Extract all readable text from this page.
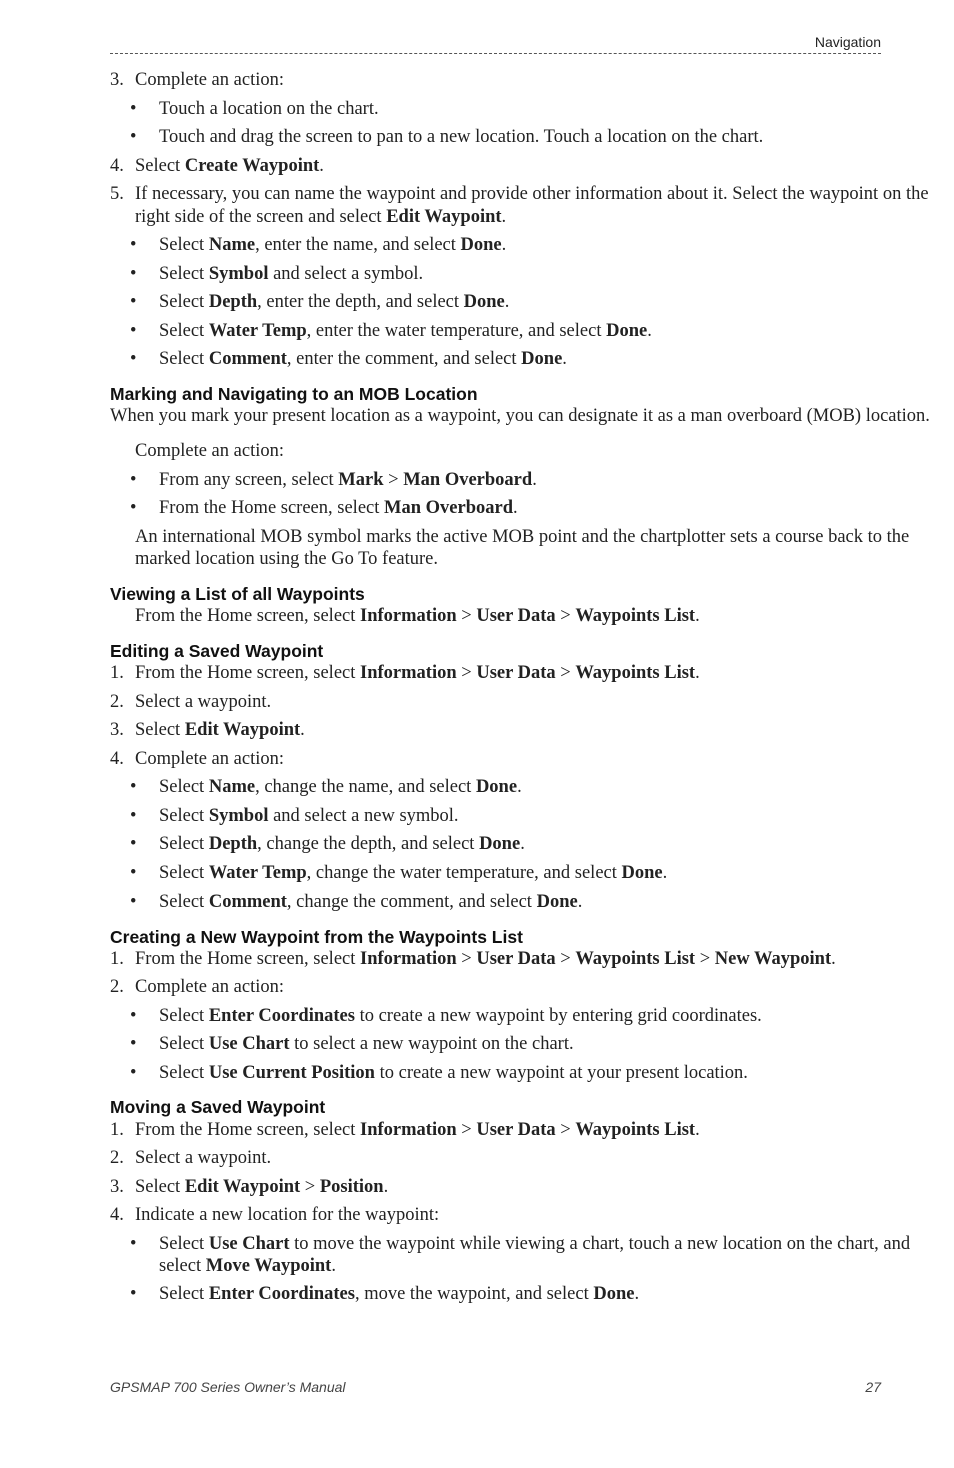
Navigation
3. Complete an action:
• Touch a location on the chart.
• Touch and drag the screen to pan to a new location. Touch a location on the chart.
4. Select Create Waypoint.
5. If necessary, you can name the waypoint and provide other information about it. Select the waypoint on the
right side of the screen and select Edit Waypoint.
• Select Name, enter the name, and select Done.
• Select Symbol and select a symbol.
• Select Depth, enter the depth, and select Done.
• Select Water Temp, enter the water temperature, and select Done.
• Select Comment, enter the comment, and select Done.
Marking and Navigating to an MOB Location
When you mark your present location as a waypoint, you can designate it as a man overboard (MOB) location.
Complete an action:
• From any screen, select Mark > Man Overboard.
• From the Home screen, select Man Overboard.
An international MOB symbol marks the active MOB point and the chartplotter sets a course back to the
marked location using the Go To feature.
Viewing a List of all Waypoints
From the Home screen, select Information > User Data > Waypoints List.
Editing a Saved Waypoint
1. From the Home screen, select Information > User Data > Waypoints List.
2. Select a waypoint.
3. Select Edit Waypoint.
4. Complete an action:
• Select Name, change the name, and select Done.
• Select Symbol and select a new symbol.
• Select Depth, change the depth, and select Done.
• Select Water Temp, change the water temperature, and select Done.
• Select Comment, change the comment, and select Done.
Creating a New Waypoint from the Waypoints List
1. From the Home screen, select Information > User Data > Waypoints List > New Waypoint.
2. Complete an action:
• Select Enter Coordinates to create a new waypoint by entering grid coordinates.
• Select Use Chart to select a new waypoint on the chart.
• Select Use Current Position to create a new waypoint at your present location.
Moving a Saved Waypoint
1. From the Home screen, select Information > User Data > Waypoints List.
2. Select a waypoint.
3. Select Edit Waypoint > Position.
4. Indicate a new location for the waypoint:
• Select Use Chart to move the waypoint while viewing a chart, touch a new location on the chart, and
select Move Waypoint.
• Select Enter Coordinates, move the waypoint, and select Done.
GPSMAP 700 Series Owner’s Manual	27
